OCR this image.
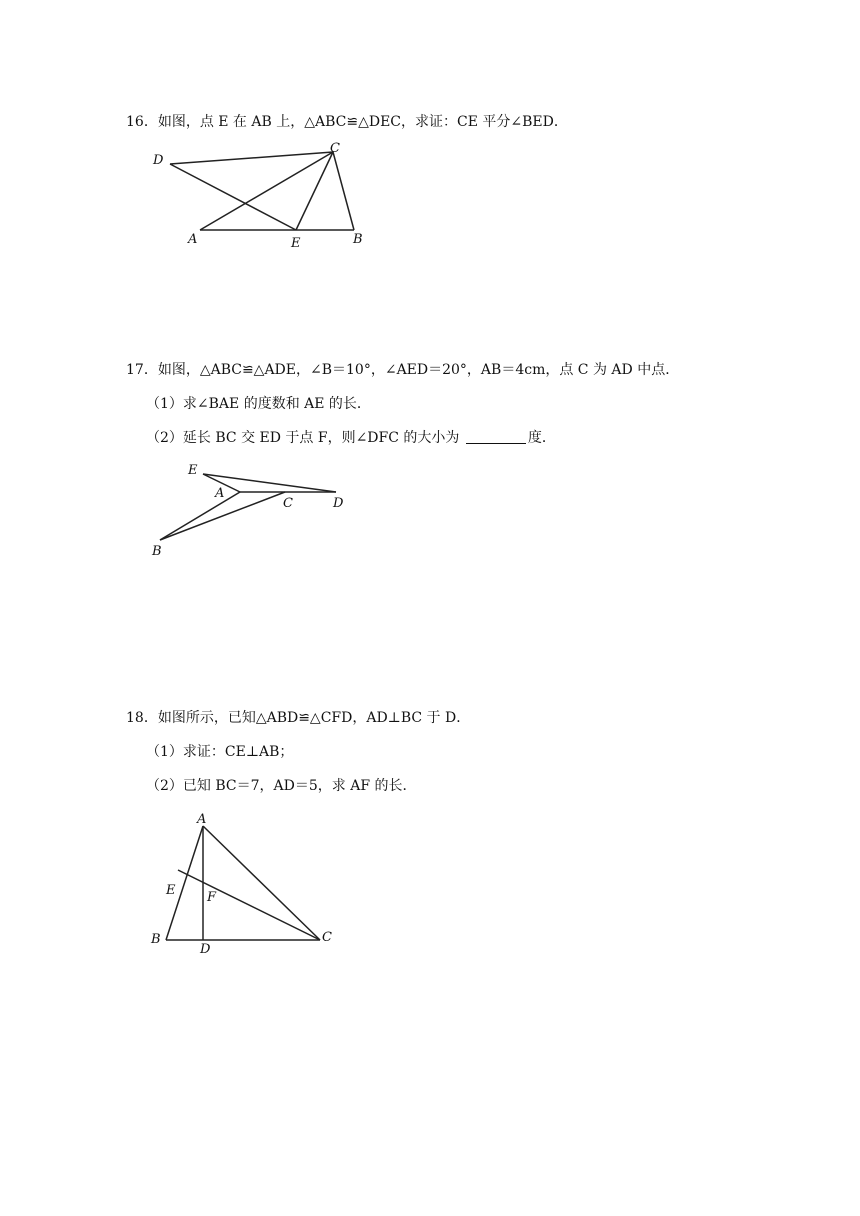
16．如图，点 E 在 AB 上，△ABC≌△DEC，求证：CE 平分∠BED．
D
C
A	E	B
E
A
C	D
B
A
E F
B
D
C
17．如图，△ABC≌△ADE，∠B＝10°，∠AED＝20°，AB＝4cm，点 C 为 AD 中点．
（1）求∠BAE 的度数和 AE 的长．
（2）延长 BC 交 ED 于点 F，则∠DFC 的大小为	度．
18．如图所示，已知△ABD≌△CFD，AD⊥BC 于 D．
（1）求证：CE⊥AB；
（2）已知 BC＝7，AD＝5，求 AF 的长．
